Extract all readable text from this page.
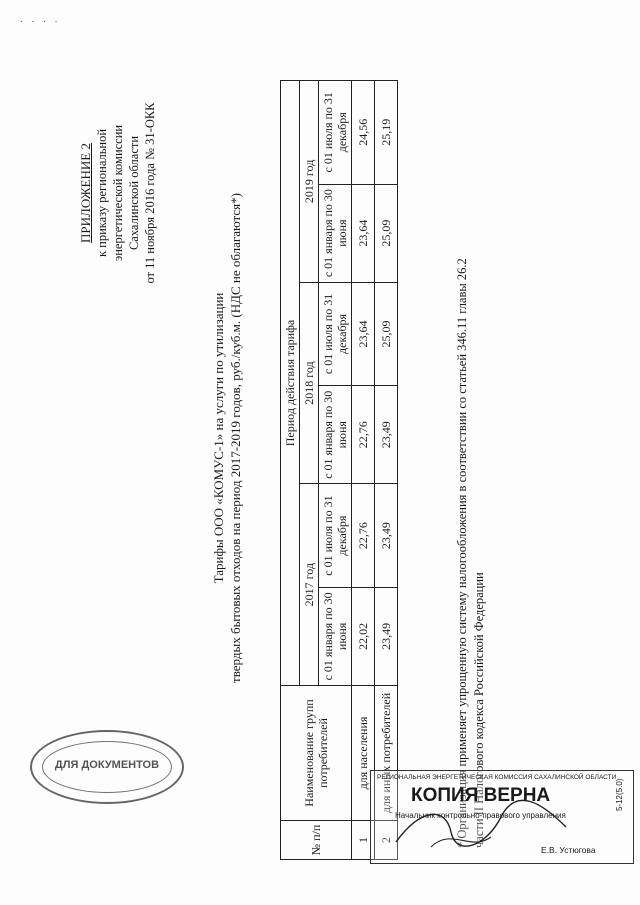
. . . .
ПРИЛОЖЕНИЕ 2 к приказу региональной энергетической комиссии Сахалинской области от 11 ноября 2016 года № 31-ОКК
Тарифы ООО «КОМУС-1» на услуги по утилизации твердых бытовых отходов на период 2017-2019 годов, руб./куб.м. (НДС не облагаются*)
№ п/п	Наименование групп потребителей	Период действия тарифа					
		2017 год		2018 год		2019 год	
		с 01 января по 30 июня	с 01 июля по 31 декабря	с 01 января по 30 июня	с 01 июля по 31 декабря	с 01 января по 30 июня	с 01 июля по 31 декабря
1	для населения	22,02	22,76	22,76	23,64	23,64	24,56
2	для иных потребителей	23,49	23,49	23,49	25,09	25,09	25,19
* Организация применяет упрощенную систему налогообложения в соответствии со статьей 346.11 главы 26.2 части II Налогового кодекса Российской Федерации
ДЛЯ ДОКУМЕНТОВ
РЕГИОНАЛЬНАЯ ЭНЕРГЕТИЧЕСКАЯ КОМИССИЯ САХАЛИНСКОЙ ОБЛАСТИ
КОПИЯ ВЕРНА
Начальник контрольно-правового управления
Е.В. Устюгова
5-12(5.0)
